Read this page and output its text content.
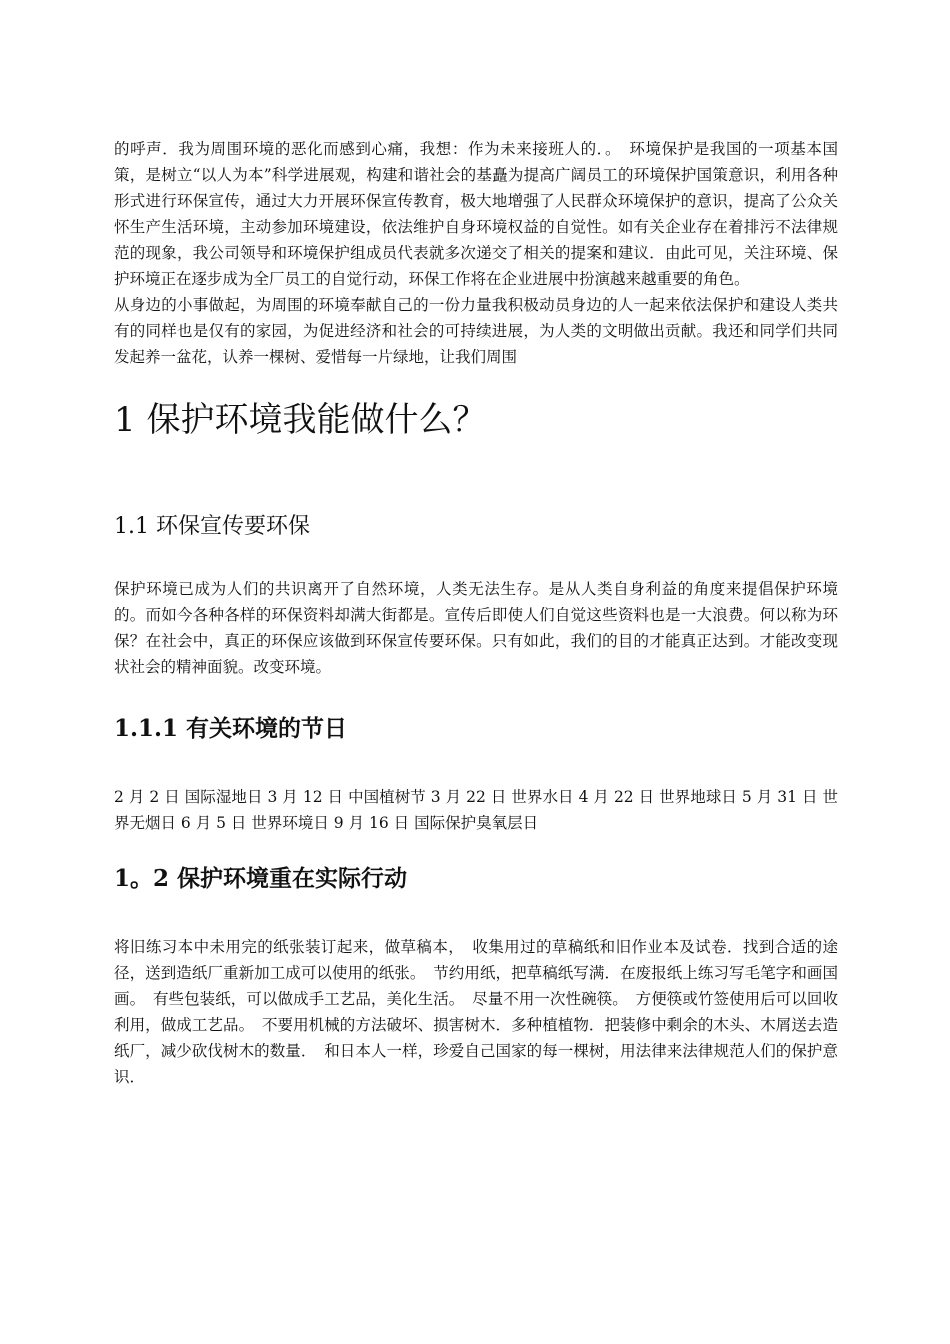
的呼声．我为周围环境的恶化而感到心痛，我想：作为未来接班人的．。　环境保护是我国的一项基本国策，是树立“以人为本”科学进展观，构建和谐社会的基矗为提高广阔员工的环境保护国策意识，利用各种形式进行环保宣传，通过大力开展环保宣传教育，极大地增强了人民群众环境保护的意识，提高了公众关怀生产生活环境，主动参加环境建设，依法维护自身环境权益的自觉性。如有关企业存在着排污不法律规范的现象，我公司领导和环境保护组成员代表就多次递交了相关的提案和建议．由此可见，关注环境、保护环境正在逐步成为全厂员工的自觉行动，环保工作将在企业进展中扮演越来越重要的角色。

从身边的小事做起，为周围的环境奉献自己的一份力量我积极动员身边的人一起来依法保护和建设人类共有的同样也是仅有的家园，为促进经济和社会的可持续进展，为人类的文明做出贡献。我还和同学们共同发起养一盆花，认养一棵树、爱惜每一片绿地，让我们周围

1 保护环境我能做什么？
1.1 环保宣传要环保

保护环境已成为人们的共识离开了自然环境，人类无法生存。是从人类自身利益的角度来提倡保护环境的。而如今各种各样的环保资料却满大街都是。宣传后即使人们自觉这些资料也是一大浪费。何以称为环保？在社会中，真正的环保应该做到环保宣传要环保。只有如此，我们的目的才能真正达到。才能改变现状社会的精神面貌。改变环境。

1.1.1 有关环境的节日

2 月 2 日 国际湿地日 3 月 12 日 中国植树节 3 月 22 日 世界水日 4 月 22 日 世界地球日 5 月 31 日 世界无烟日 6 月 5 日 世界环境日 9 月 16 日 国际保护臭氧层日

1。2 保护环境重在实际行动

将旧练习本中未用完的纸张装订起来，做草稿本，　收集用过的草稿纸和旧作业本及试卷．找到合适的途径，送到造纸厂重新加工成可以使用的纸张。　节约用纸，把草稿纸写满．在废报纸上练习写毛笔字和画国画。　有些包装纸，可以做成手工艺品，美化生活。　尽量不用一次性碗筷。　方便筷或竹签使用后可以回收利用，做成工艺品。　不要用机械的方法破坏、损害树木．多种植植物．把装修中剩余的木头、木屑送去造纸厂，减少砍伐树木的数量．　和日本人一样，珍爱自己国家的每一棵树，用法律来法律规范人们的保护意识．
